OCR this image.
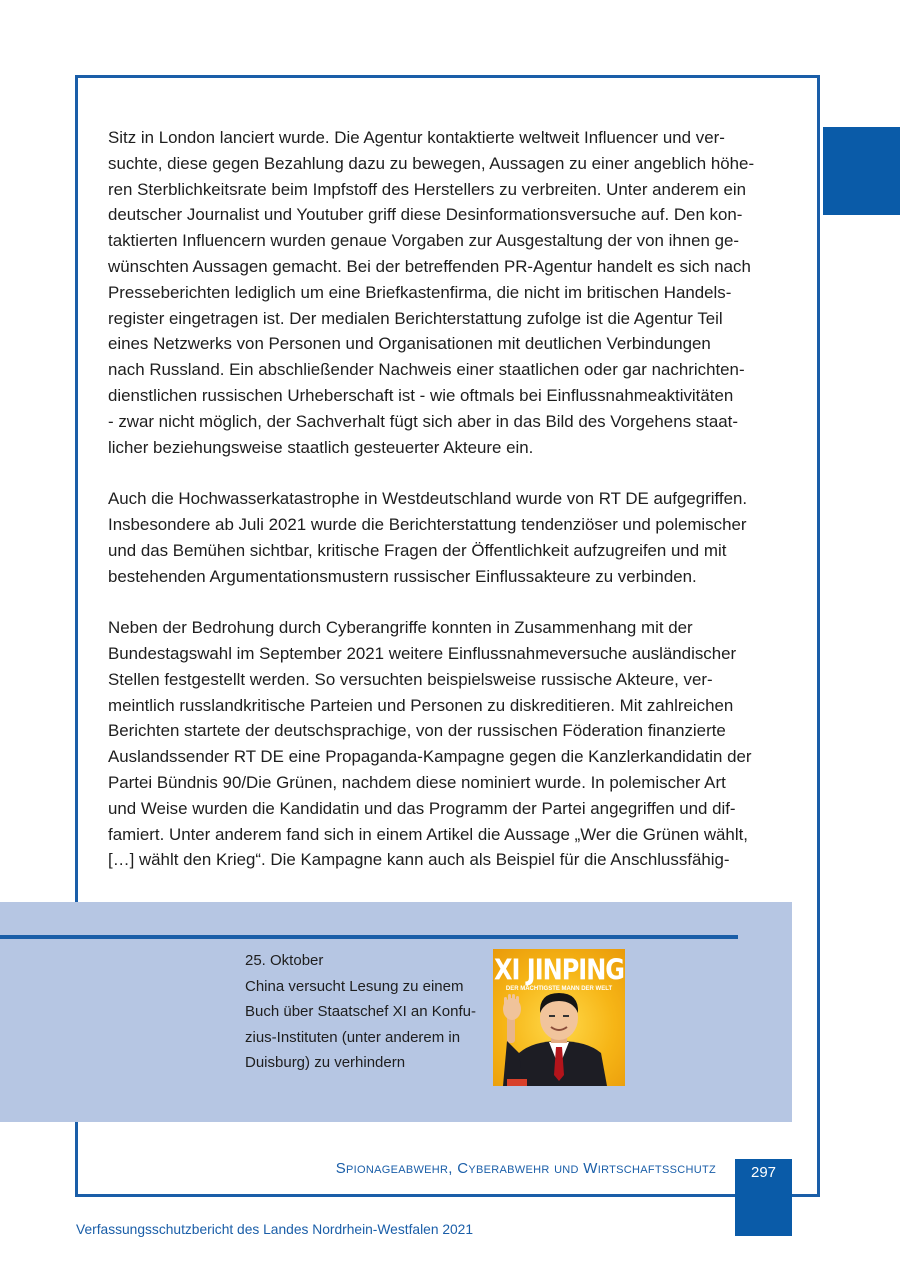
Sitz in London lanciert wurde. Die Agentur kontaktierte weltweit Influencer und ver-
suchte, diese gegen Bezahlung dazu zu bewegen, Aussagen zu einer angeblich höhe-
ren Sterblichkeitsrate beim Impfstoff des Herstellers zu verbreiten. Unter anderem ein
deutscher Journalist und Youtuber griff diese Desinformationsversuche auf. Den kon-
taktierten Influencern wurden genaue Vorgaben zur Ausgestaltung der von ihnen ge-
wünschten Aussagen gemacht. Bei der betreffenden PR-Agentur handelt es sich nach
Presseberichten lediglich um eine Briefkastenfirma, die nicht im britischen Handels-
register eingetragen ist. Der medialen Berichterstattung zufolge ist die Agentur Teil
eines Netzwerks von Personen und Organisationen mit deutlichen Verbindungen
nach Russland. Ein abschließender Nachweis einer staatlichen oder gar nachrichten-
dienstlichen russischen Urheberschaft ist - wie oftmals bei Einflussnahmeaktivitäten
- zwar nicht möglich, der Sachverhalt fügt sich aber in das Bild des Vorgehens staat-
licher beziehungsweise staatlich gesteuerter Akteure ein.

Auch die Hochwasserkatastrophe in Westdeutschland wurde von RT DE aufgegriffen.
Insbesondere ab Juli 2021 wurde die Berichterstattung tendenziöser und polemischer
und das Bemühen sichtbar, kritische Fragen der Öffentlichkeit aufzugreifen und mit
bestehenden Argumentationsmustern russischer Einflussakteure zu verbinden.

Neben der Bedrohung durch Cyberangriffe konnten in Zusammenhang mit der
Bundestagswahl im September 2021 weitere Einflussnahmeversuche ausländischer
Stellen festgestellt werden. So versuchten beispielsweise russische Akteure, ver-
meintlich russlandkritische Parteien und Personen zu diskreditieren. Mit zahlreichen
Berichten startete der deutschsprachige, von der russischen Föderation finanzierte
Auslandssender RT DE eine Propaganda-Kampagne gegen die Kanzlerkandidatin der
Partei Bündnis 90/Die Grünen, nachdem diese nominiert wurde. In polemischer Art
und Weise wurden die Kandidatin und das Programm der Partei angegriffen und dif-
famiert. Unter anderem fand sich in einem Artikel die Aussage „Wer die Grünen wählt,
[…] wählt den Krieg“. Die Kampagne kann auch als Beispiel für die Anschlussfähig-

25. Oktober
China versucht Lesung zu einem
Buch über Staatschef XI an Konfu-
zius-Instituten (unter anderem in
Duisburg) zu verhindern
XI JINPING
DER MÄCHTIGSTE MANN DER WELT
Spionageabwehr, Cyberabwehr und Wirtschaftsschutz	297
Verfassungsschutzbericht des Landes Nordrhein-Westfalen 2021
